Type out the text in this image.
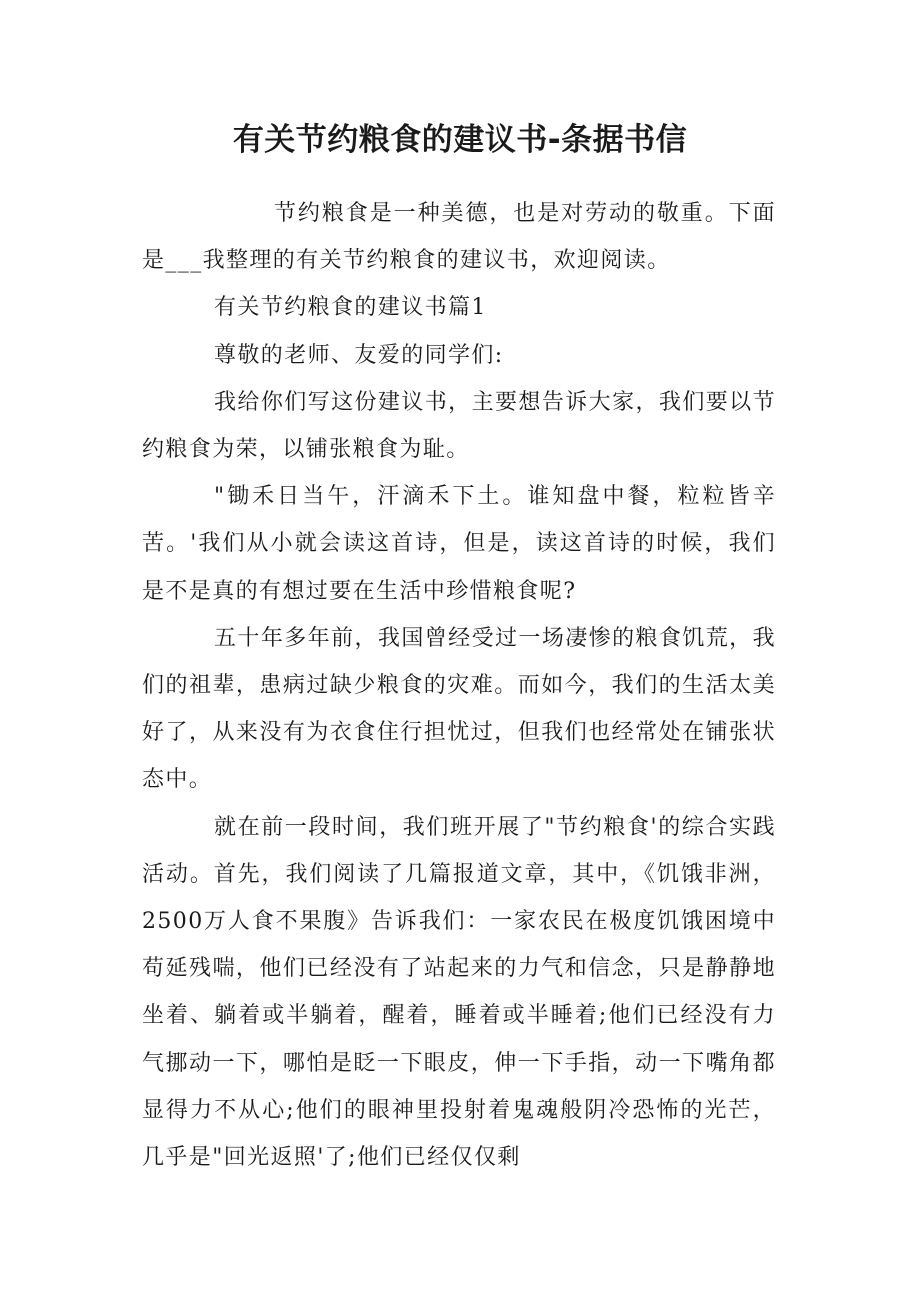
有关节约粮食的建议书-条据书信

节约粮食是一种美德，也是对劳动的敬重。下面是___我整理的有关节约粮食的建议书，欢迎阅读。

有关节约粮食的建议书篇1

尊敬的老师、友爱的同学们:

我给你们写这份建议书，主要想告诉大家，我们要以节约粮食为荣，以铺张粮食为耻。

"锄禾日当午，汗滴禾下土。谁知盘中餐，粒粒皆辛苦。'我们从小就会读这首诗，但是，读这首诗的时候，我们是不是真的有想过要在生活中珍惜粮食呢?

五十年多年前，我国曾经受过一场凄惨的粮食饥荒，我们的祖辈，患病过缺少粮食的灾难。而如今，我们的生活太美好了，从来没有为衣食住行担忧过，但我们也经常处在铺张状态中。

就在前一段时间，我们班开展了"节约粮食'的综合实践活动。首先，我们阅读了几篇报道文章，其中，《饥饿非洲，2500万人食不果腹》告诉我们：一家农民在极度饥饿困境中苟延残喘，他们已经没有了站起来的力气和信念，只是静静地坐着、躺着或半躺着，醒着，睡着或半睡着;他们已经没有力气挪动一下，哪怕是眨一下眼皮，伸一下手指，动一下嘴角都显得力不从心;他们的眼神里投射着鬼魂般阴冷恐怖的光芒，几乎是"回光返照'了;他们已经仅仅剩
